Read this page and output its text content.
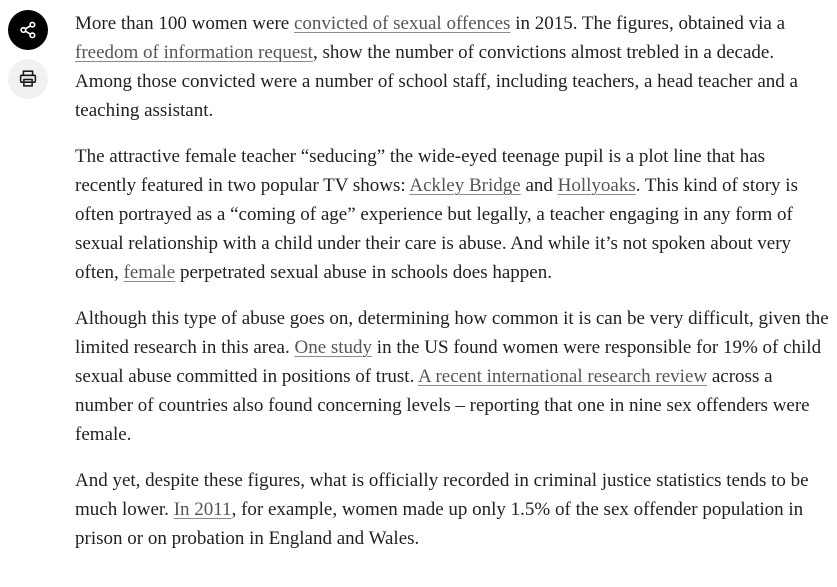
More than 100 women were convicted of sexual offences in 2015. The figures, obtained via a freedom of information request, show the number of convictions almost trebled in a decade. Among those convicted were a number of school staff, including teachers, a head teacher and a teaching assistant.

The attractive female teacher “seducing” the wide-eyed teenage pupil is a plot line that has recently featured in two popular TV shows: Ackley Bridge and Hollyoaks. This kind of story is often portrayed as a “coming of age” experience but legally, a teacher engaging in any form of sexual relationship with a child under their care is abuse. And while it’s not spoken about very often, female perpetrated sexual abuse in schools does happen.

Although this type of abuse goes on, determining how common it is can be very difficult, given the limited research in this area. One study in the US found women were responsible for 19% of child sexual abuse committed in positions of trust. A recent international research review across a number of countries also found concerning levels – reporting that one in nine sex offenders were female.

And yet, despite these figures, what is officially recorded in criminal justice statistics tends to be much lower. In 2011, for example, women made up only 1.5% of the sex offender population in prison or on probation in England and Wales.
